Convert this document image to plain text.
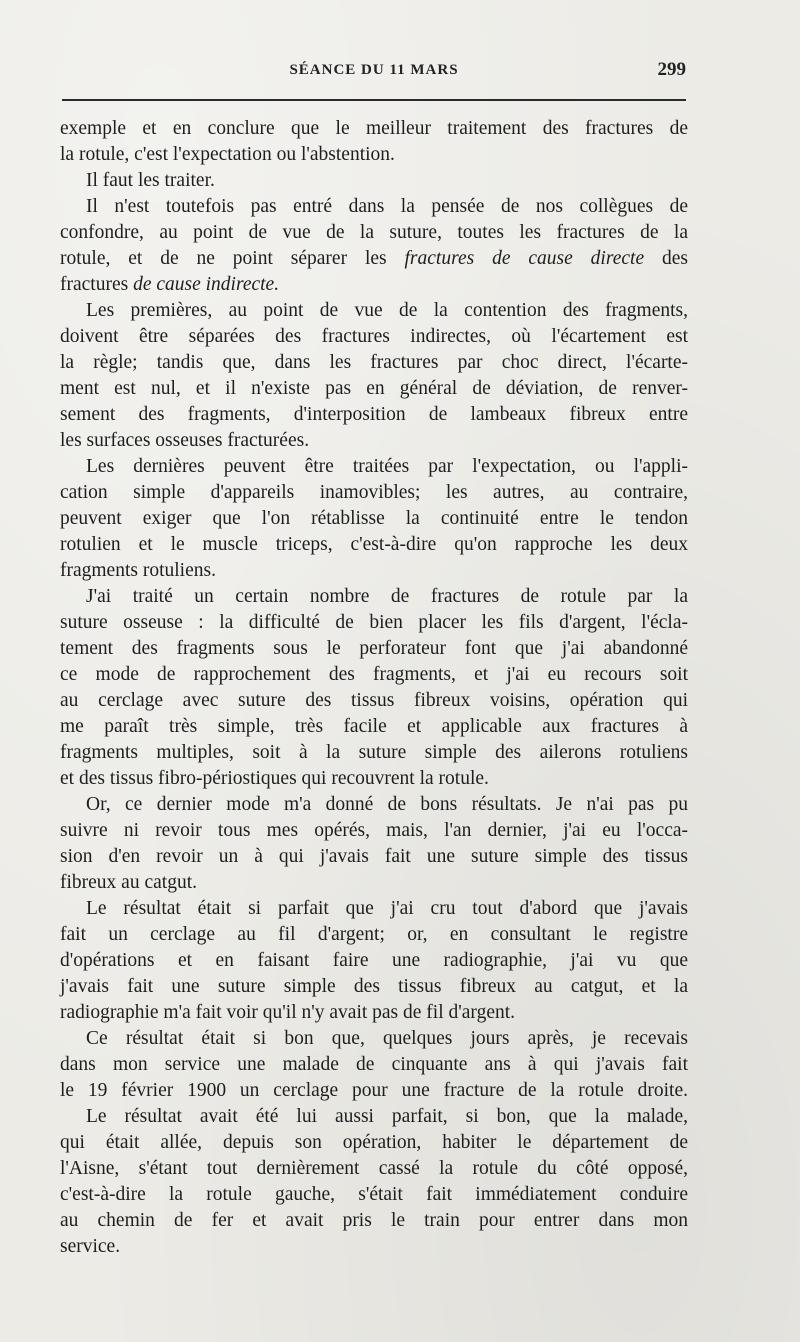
SÉANCE DU 11 MARS	299
exemple et en conclure que le meilleur traitement des fractures de
la rotule, c'est l'expectation ou l'abstention.
Il faut les traiter.
Il n'est toutefois pas entré dans la pensée de nos collègues de
confondre, au point de vue de la suture, toutes les fractures de la
rotule, et de ne point séparer les fractures de cause directe des
fractures de cause indirecte.
Les premières, au point de vue de la contention des fragments,
doivent être séparées des fractures indirectes, où l'écartement est
la règle; tandis que, dans les fractures par choc direct, l'écarte-
ment est nul, et il n'existe pas en général de déviation, de renver-
sement des fragments, d'interposition de lambeaux fibreux entre
les surfaces osseuses fracturées.
Les dernières peuvent être traitées par l'expectation, ou l'appli-
cation simple d'appareils inamovibles; les autres, au contraire,
peuvent exiger que l'on rétablisse la continuité entre le tendon
rotulien et le muscle triceps, c'est-à-dire qu'on rapproche les deux
fragments rotuliens.
J'ai traité un certain nombre de fractures de rotule par la
suture osseuse : la difficulté de bien placer les fils d'argent, l'écla-
tement des fragments sous le perforateur font que j'ai abandonné
ce mode de rapprochement des fragments, et j'ai eu recours soit
au cerclage avec suture des tissus fibreux voisins, opération qui
me paraît très simple, très facile et applicable aux fractures à
fragments multiples, soit à la suture simple des ailerons rotuliens
et des tissus fibro-périostiques qui recouvrent la rotule.
Or, ce dernier mode m'a donné de bons résultats. Je n'ai pas pu
suivre ni revoir tous mes opérés, mais, l'an dernier, j'ai eu l'occa-
sion d'en revoir un à qui j'avais fait une suture simple des tissus
fibreux au catgut.
Le résultat était si parfait que j'ai cru tout d'abord que j'avais
fait un cerclage au fil d'argent; or, en consultant le registre
d'opérations et en faisant faire une radiographie, j'ai vu que
j'avais fait une suture simple des tissus fibreux au catgut, et la
radiographie m'a fait voir qu'il n'y avait pas de fil d'argent.
Ce résultat était si bon que, quelques jours après, je recevais
dans mon service une malade de cinquante ans à qui j'avais fait
le 19 février 1900 un cerclage pour une fracture de la rotule droite.
Le résultat avait été lui aussi parfait, si bon, que la malade,
qui était allée, depuis son opération, habiter le département de
l'Aisne, s'étant tout dernièrement cassé la rotule du côté opposé,
c'est-à-dire la rotule gauche, s'était fait immédiatement conduire
au chemin de fer et avait pris le train pour entrer dans mon
service.
